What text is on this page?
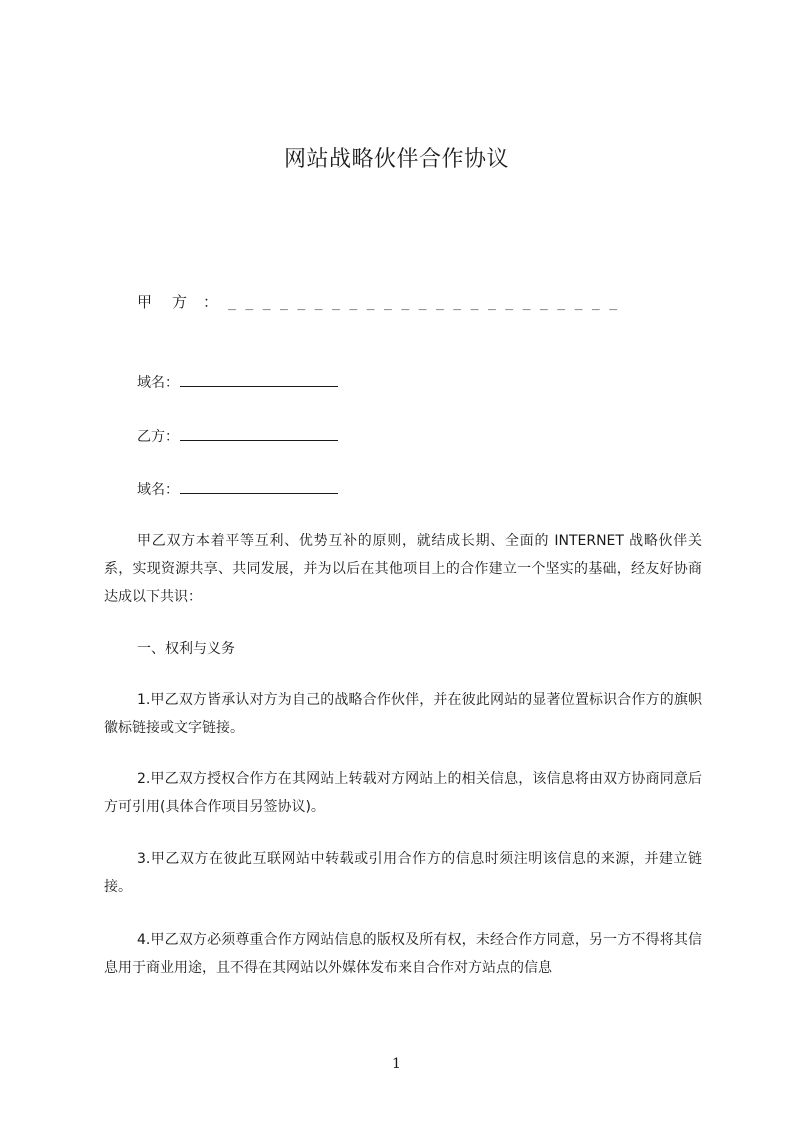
网站战略伙伴合作协议
甲 方 ： _______________________
域名：
乙方：
域名：

甲乙双方本着平等互利、优势互补的原则，就结成长期、全面的 INTERNET 战略伙伴关系，实现资源共享、共同发展，并为以后在其他项目上的合作建立一个坚实的基础，经友好协商达成以下共识：

一、权利与义务

1.甲乙双方皆承认对方为自己的战略合作伙伴，并在彼此网站的显著位置标识合作方的旗帜徽标链接或文字链接。

2.甲乙双方授权合作方在其网站上转载对方网站上的相关信息，该信息将由双方协商同意后方可引用(具体合作项目另签协议)。

3.甲乙双方在彼此互联网站中转载或引用合作方的信息时须注明该信息的来源，并建立链接。

4.甲乙双方必须尊重合作方网站信息的版权及所有权，未经合作方同意，另一方不得将其信息用于商业用途，且不得在其网站以外媒体发布来自合作对方站点的信息

1
